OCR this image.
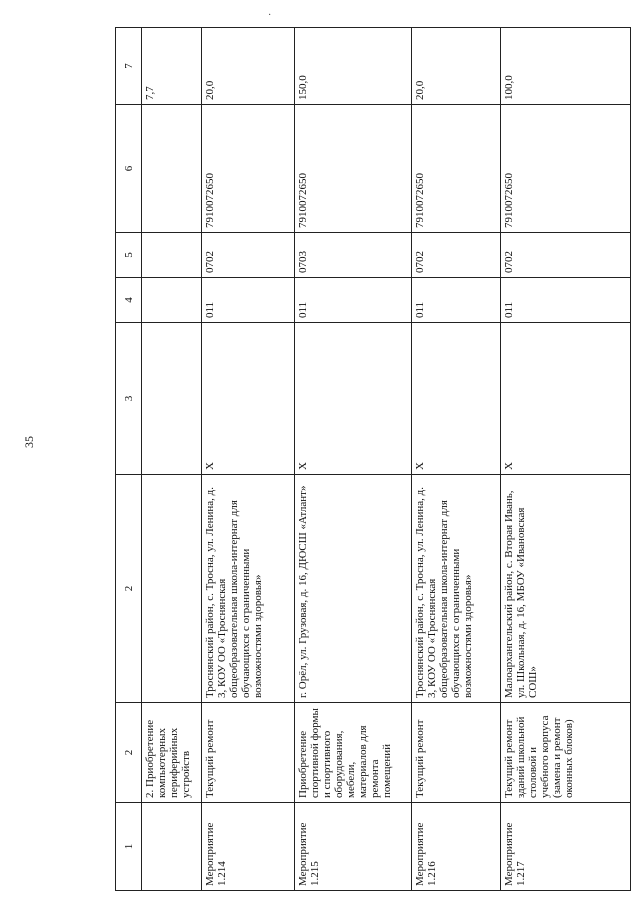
35
·
1	2	2	3	4	5	6	7
	2. Приобретение компьютерных периферийных устройств						7,7
Мероприятие 1.214	Текущий ремонт	Троснянский район, с. Тросна, ул. Ленина, д. 3, КОУ ОО «Троснянская общеобразовательная школа-интернат для обучающихся с ограниченными возможностями здоровья»	Х	011	0702	7910072650	20,0
Мероприятие 1.215	Приобретение спортивной формы и спортивного оборудования, мебели, материалов для ремонта помещений	г. Орёл, ул. Грузовая, д. 16, ДЮСШ «Атлант»	Х	011	0703	7910072650	150,0
Мероприятие 1.216	Текущий ремонт	Троснянский район, с. Тросна, ул. Ленина, д. 3, КОУ ОО «Троснянская общеобразовательная школа-интернат для обучающихся с ограниченными возможностями здоровья»	Х	011	0702	7910072650	20,0
Мероприятие 1.217	Текущий ремонт зданий школьной столовой и учебного корпуса (замена и ремонт оконных блоков)	Малоархангельский район, с. Вторая Ивань, ул. Школьная, д. 16, МБОУ «Ивановская СОШ»	Х	011	0702	7910072650	100,0
